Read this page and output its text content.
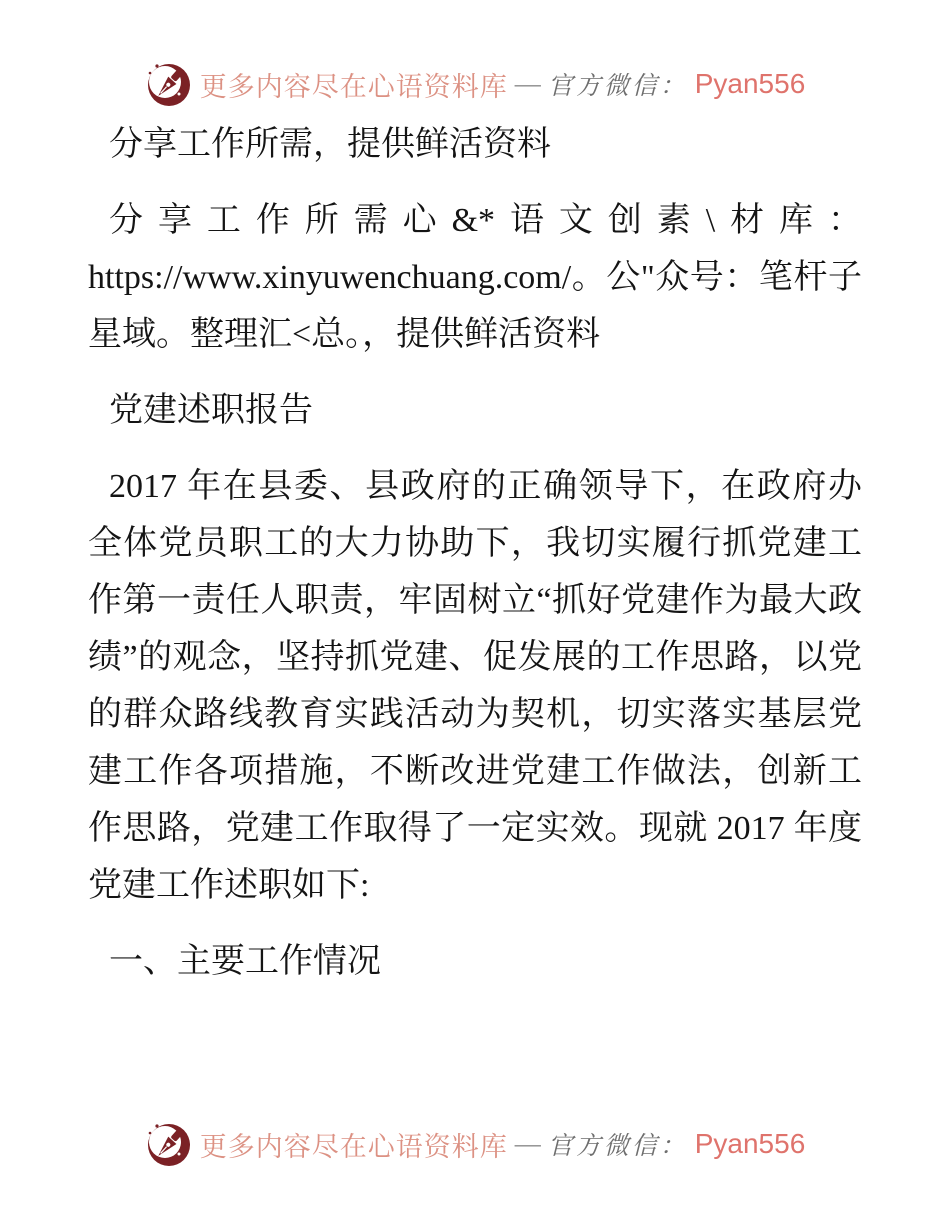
更多内容尽在心语资料库 — 官方微信： Pyan556

分享工作所需，提供鲜活资料

分享工作所需心&*语文创素\材库：https://www.xinyuwenchuang.com/。公"众号：笔杆子星域。整理汇<总。，提供鲜活资料

党建述职报告

2017 年在县委、县政府的正确领导下，在政府办全体党员职工的大力协助下，我切实履行抓党建工作第一责任人职责，牢固树立“抓好党建作为最大政绩”的观念，坚持抓党建、促发展的工作思路，以党的群众路线教育实践活动为契机，切实落实基层党建工作各项措施，不断改进党建工作做法，创新工作思路，党建工作取得了一定实效。现就 2017 年度党建工作述职如下:

一、主要工作情况

更多内容尽在心语资料库 — 官方微信： Pyan556
